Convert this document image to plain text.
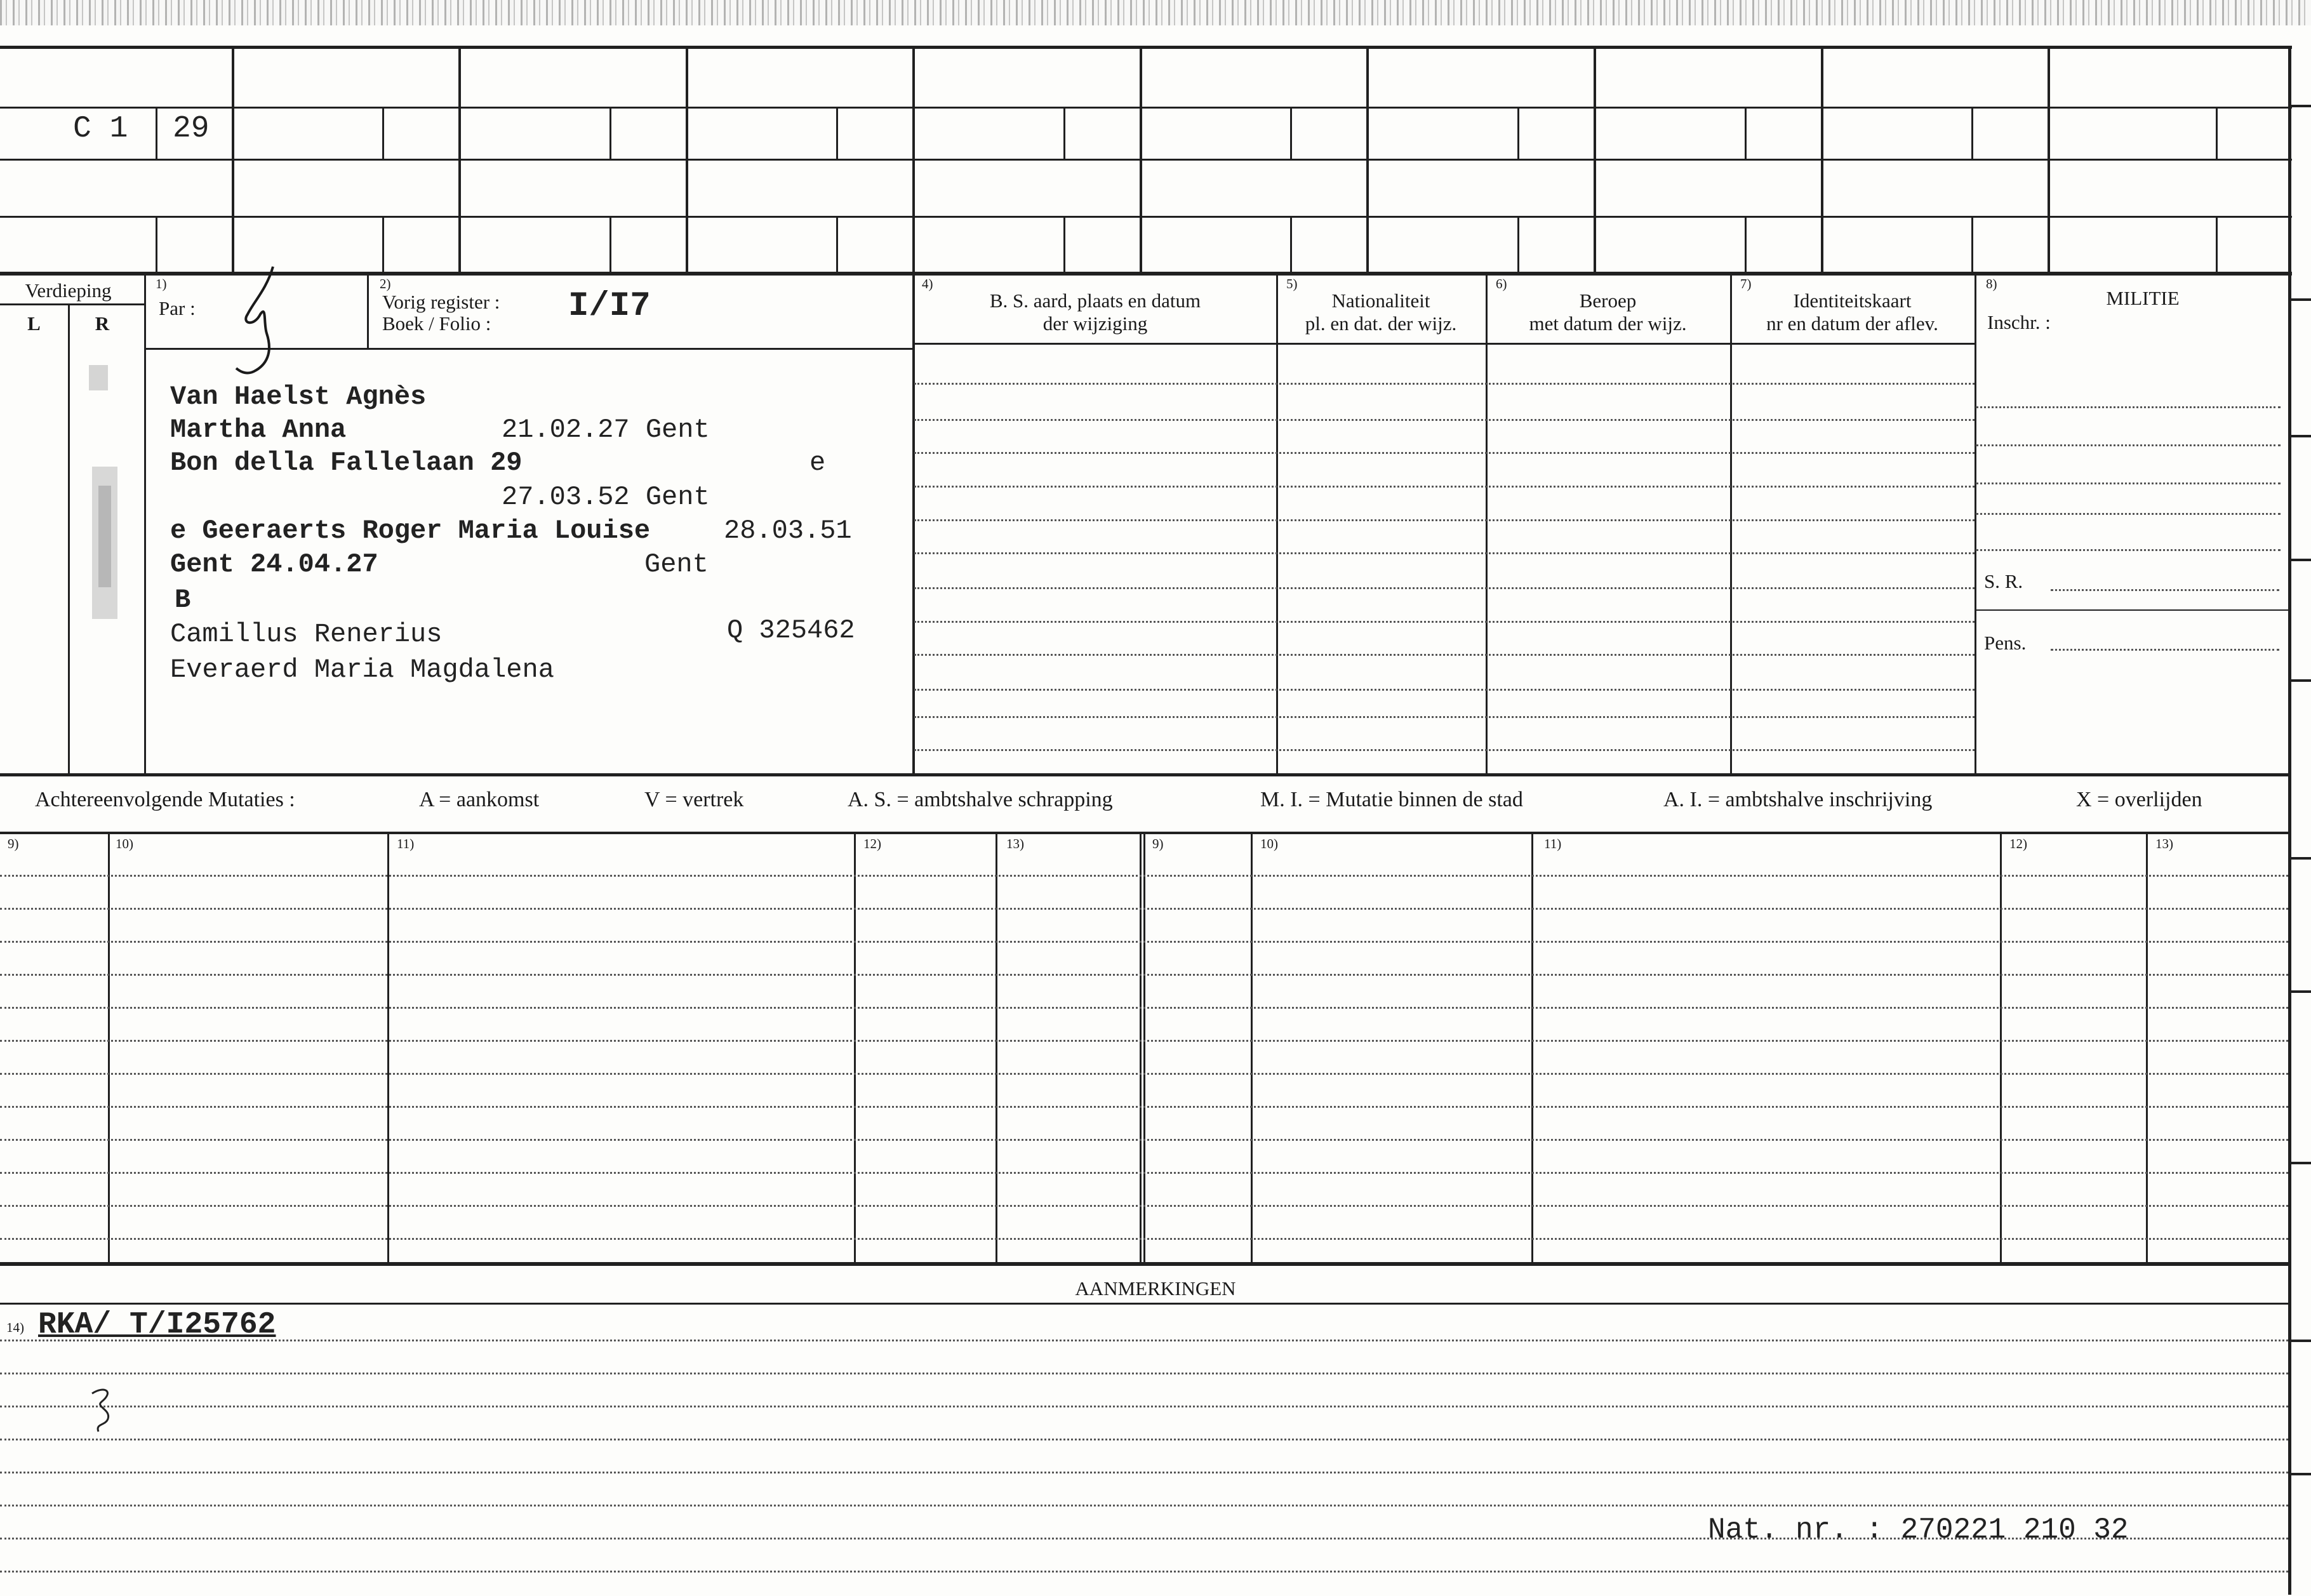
C 1 29
Verdieping
L	R
1)
Par :
2)
Vorig register :
Boek / Folio : I/I7
4)
B. S. aard, plaats en datum
der wijziging
5)
Nationaliteit
pl. en dat. der wijz.
6)
Beroep
met datum der wijz.
7)
Identiteitskaart
nr en datum der aflev.
8)
MILITIE
Inschr. :
S. R.
Pens.
Van Haelst Agnès
Martha Anna	21.02.27 Gent
Bon della Fallelaan 29	e
27.03.52 Gent
e Geeraerts Roger Maria Louise	28.03.51
Gent 24.04.27	Gent
B
Camillus Renerius	Q 325462
Everaerd Maria Magdalena
Achtereenvolgende Mutaties :	A = aankomst	V = vertrek	A. S. = ambtshalve schrapping	M. I. = Mutatie binnen de stad	A. I. = ambtshalve inschrijving	X = overlijden
9)	10)	11)	12)	13)	9)	10)	11)	12)	13)
AANMERKINGEN
14) RKA/ T/I25762
Nat. nr. : 270221 210 32
